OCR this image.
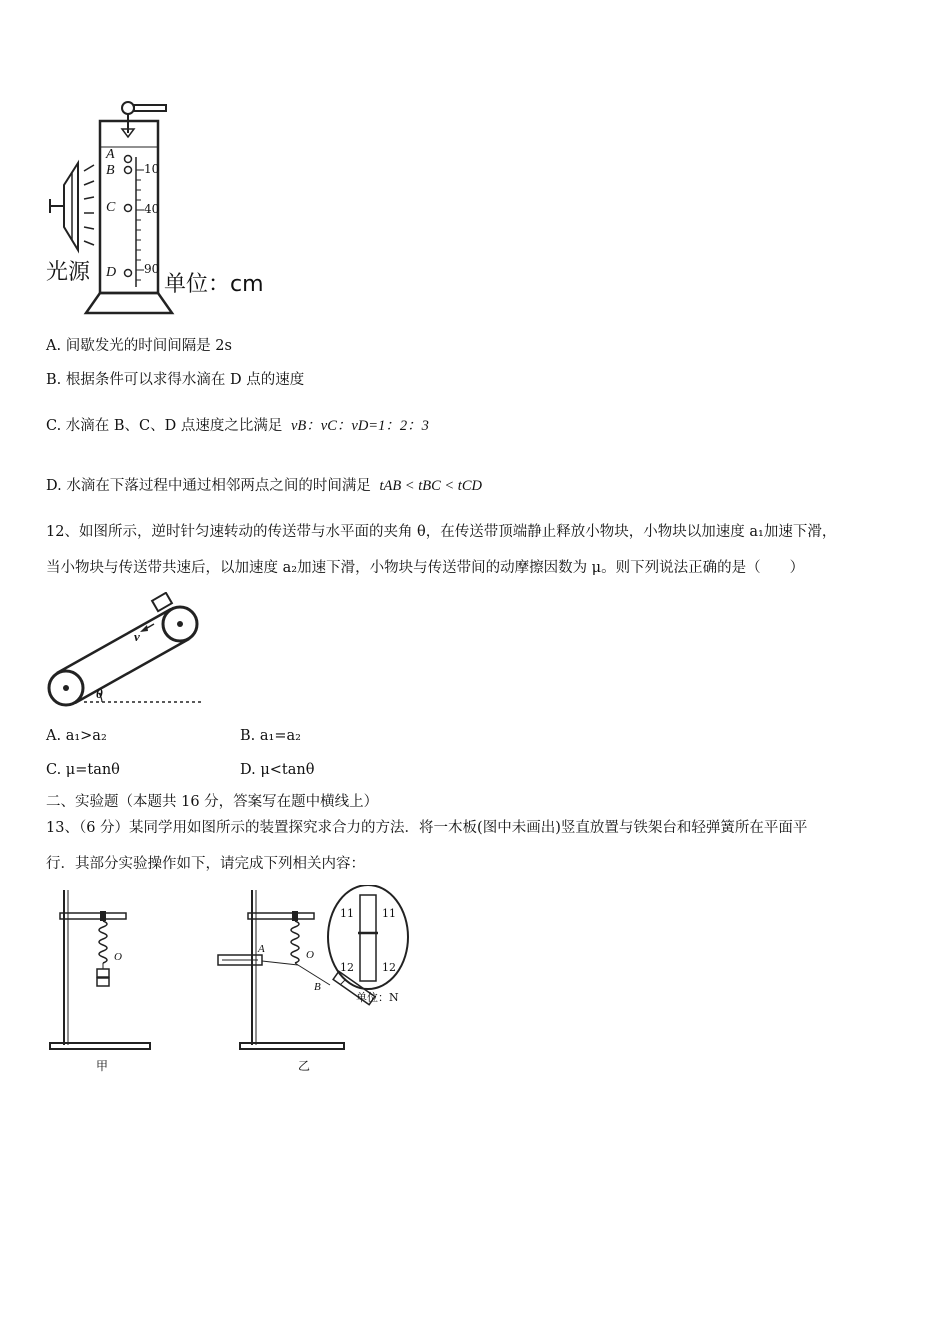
A
B
C
D
10
40
90
光源	单位：cm
A. 间歇发光的时间间隔是 2s
B. 根据条件可以求得水滴在 D 点的速度
C. 水滴在 B、C、D 点速度之比满足 vB：vC：vD=1：2：3
D. 水滴在下落过程中通过相邻两点之间的时间满足 tAB < tBC < tCD
12、如图所示，逆时针匀速转动的传送带与水平面的夹角 θ，在传送带顶端静止释放小物块，小物块以加速度 a₁加速下滑，
当小物块与传送带共速后，以加速度 a₂加速下滑，小物块与传送带间的动摩擦因数为 μ。则下列说法正确的是（　　）
v
θ
A. a₁>a₂	B. a₁=a₂
C. μ=tanθ	D. μ<tanθ
二、实验题（本题共 16 分，答案写在题中横线上）
13、（6 分）某同学用如图所示的装置探究求合力的方法．将一木板(图中未画出)竖直放置与铁架台和轻弹簧所在平面平
行．其部分实验操作如下，请完成下列相关内容：
O
A	O
B
11	11
12	12
单位：N
甲	乙
